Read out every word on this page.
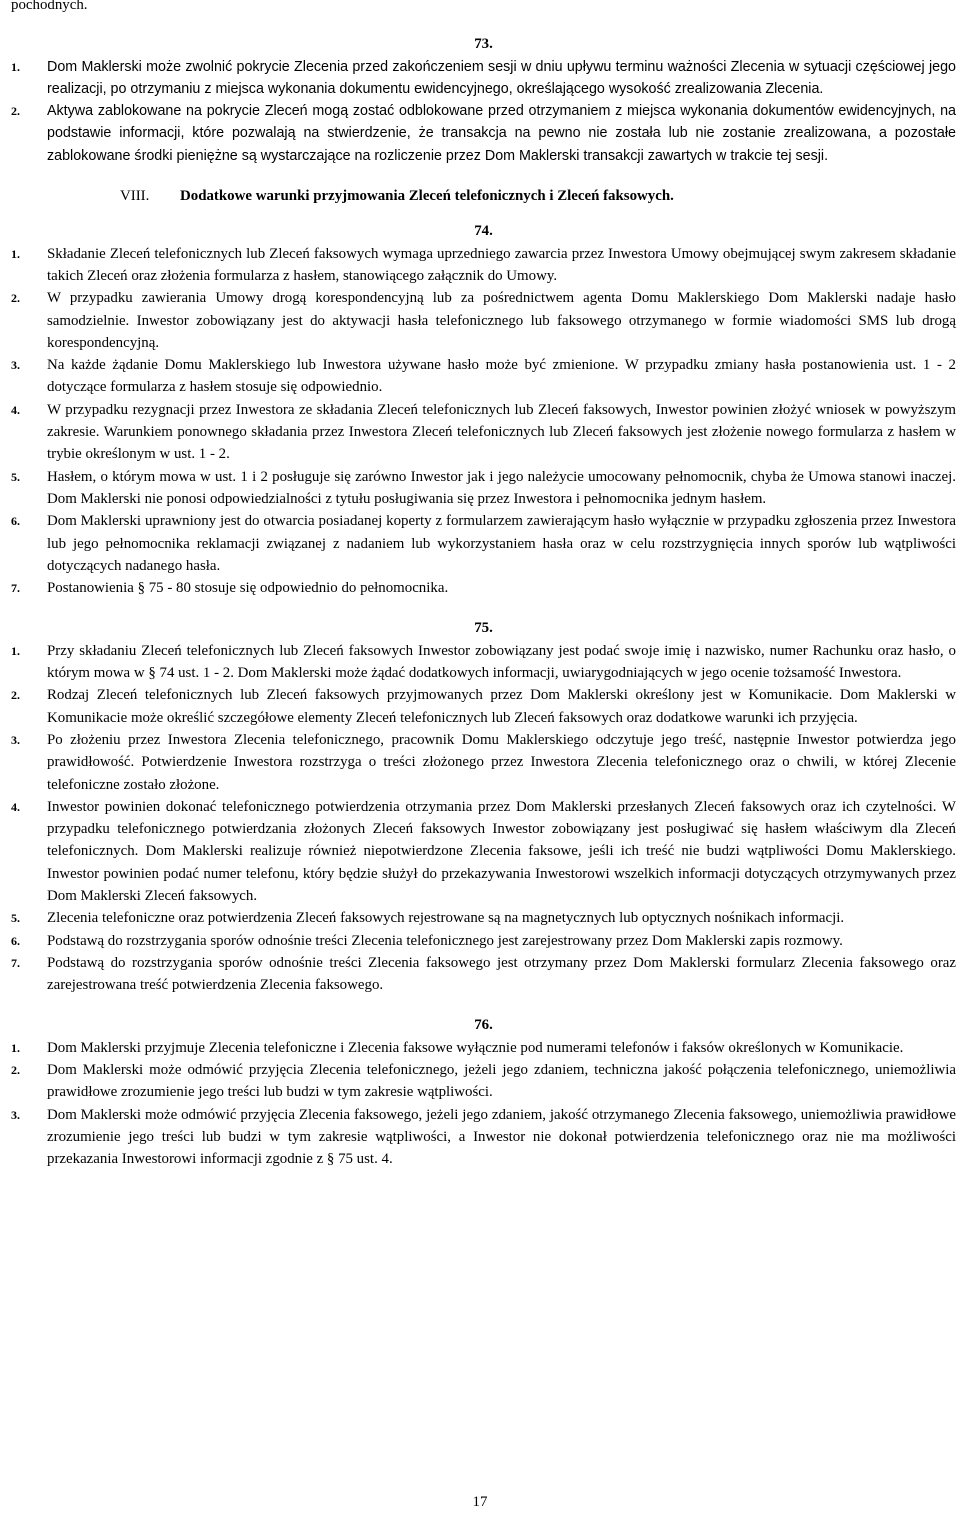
pochodnych.

73.

1.	Dom Maklerski może zwolnić pokrycie Zlecenia przed zakończeniem sesji w dniu upływu terminu ważności Zlecenia w sytuacji częściowej jego realizacji, po otrzymaniu z miejsca wykonania dokumentu ewidencyjnego, określającego wysokość zrealizowania Zlecenia.
2.	Aktywa zablokowane na pokrycie Zleceń mogą zostać odblokowane przed otrzymaniem z miejsca wykonania dokumentów ewidencyjnych, na podstawie informacji, które pozwalają na stwierdzenie, że transakcja na pewno nie została lub nie zostanie zrealizowana, a pozostałe zablokowane środki pieniężne są wystarczające na rozliczenie przez Dom Maklerski transakcji zawartych w trakcie tej sesji.
VIII.	Dodatkowe warunki przyjmowania Zleceń telefonicznych i Zleceń faksowych.

74.

1.	Składanie Zleceń telefonicznych lub Zleceń faksowych wymaga uprzedniego zawarcia przez Inwestora Umowy obejmującej swym zakresem składanie takich Zleceń oraz złożenia formularza z hasłem, stanowiącego załącznik do Umowy.
2.	W przypadku zawierania Umowy drogą korespondencyjną lub za pośrednictwem agenta Domu Maklerskiego Dom Maklerski nadaje hasło samodzielnie. Inwestor zobowiązany jest do aktywacji hasła telefonicznego lub faksowego otrzymanego w formie wiadomości SMS lub drogą korespondencyjną.
3.	Na każde żądanie Domu Maklerskiego lub Inwestora używane hasło może być zmienione. W przypadku zmiany hasła postanowienia ust. 1 - 2 dotyczące formularza z hasłem stosuje się odpowiednio.
4.	W przypadku rezygnacji przez Inwestora ze składania Zleceń telefonicznych lub Zleceń faksowych, Inwestor powinien złożyć wniosek w powyższym zakresie. Warunkiem ponownego składania przez Inwestora Zleceń telefonicznych lub Zleceń faksowych jest złożenie nowego formularza z hasłem w trybie określonym w ust. 1 - 2.
5.	Hasłem, o którym mowa w ust. 1 i 2 posługuje się zarówno Inwestor jak i jego należycie umocowany pełnomocnik, chyba że Umowa stanowi inaczej. Dom Maklerski nie ponosi odpowiedzialności z tytułu posługiwania się przez Inwestora i pełnomocnika jednym hasłem.
6.	Dom Maklerski uprawniony jest do otwarcia posiadanej koperty z formularzem zawierającym hasło wyłącznie w przypadku zgłoszenia przez Inwestora lub jego pełnomocnika reklamacji związanej z nadaniem lub wykorzystaniem hasła oraz w celu rozstrzygnięcia innych sporów lub wątpliwości dotyczących nadanego hasła.
7.	Postanowienia § 75 - 80 stosuje się odpowiednio do pełnomocnika.

75.

1.	Przy składaniu Zleceń telefonicznych lub Zleceń faksowych Inwestor zobowiązany jest podać swoje imię i nazwisko, numer Rachunku oraz hasło, o którym mowa w § 74 ust. 1 - 2. Dom Maklerski może żądać dodatkowych informacji, uwiarygodniających w jego ocenie tożsamość Inwestora.
2.	Rodzaj Zleceń telefonicznych lub Zleceń faksowych przyjmowanych przez Dom Maklerski określony jest w Komunikacie. Dom Maklerski w Komunikacie może określić szczegółowe elementy Zleceń telefonicznych lub Zleceń faksowych oraz dodatkowe warunki ich przyjęcia.
3.	Po złożeniu przez Inwestora Zlecenia telefonicznego, pracownik Domu Maklerskiego odczytuje jego treść, następnie Inwestor potwierdza jego prawidłowość. Potwierdzenie Inwestora rozstrzyga o treści złożonego przez Inwestora Zlecenia telefonicznego oraz o chwili, w której Zlecenie telefoniczne zostało złożone.
4.	Inwestor powinien dokonać telefonicznego potwierdzenia otrzymania przez Dom Maklerski przesłanych Zleceń faksowych oraz ich czytelności. W przypadku telefonicznego potwierdzania złożonych Zleceń faksowych Inwestor zobowiązany jest posługiwać się hasłem właściwym dla Zleceń telefonicznych. Dom Maklerski realizuje również niepotwierdzone Zlecenia faksowe, jeśli ich treść nie budzi wątpliwości Domu Maklerskiego. Inwestor powinien podać numer telefonu, który będzie służył do przekazywania Inwestorowi wszelkich informacji dotyczących otrzymywanych przez Dom Maklerski Zleceń faksowych.
5.	Zlecenia telefoniczne oraz potwierdzenia Zleceń faksowych rejestrowane są na magnetycznych lub optycznych nośnikach informacji.
6.	Podstawą do rozstrzygania sporów odnośnie treści Zlecenia telefonicznego jest zarejestrowany przez Dom Maklerski zapis rozmowy.
7.	Podstawą do rozstrzygania sporów odnośnie treści Zlecenia faksowego jest otrzymany przez Dom Maklerski formularz Zlecenia faksowego oraz zarejestrowana treść potwierdzenia Zlecenia faksowego.

76.

1.	Dom Maklerski przyjmuje Zlecenia telefoniczne i Zlecenia faksowe wyłącznie pod numerami telefonów i faksów określonych w Komunikacie.
2.	Dom Maklerski może odmówić przyjęcia Zlecenia telefonicznego, jeżeli jego zdaniem, techniczna jakość połączenia telefonicznego, uniemożliwia prawidłowe zrozumienie jego treści lub budzi w tym zakresie wątpliwości.
3.	Dom Maklerski może odmówić przyjęcia Zlecenia faksowego, jeżeli jego zdaniem, jakość otrzymanego Zlecenia faksowego, uniemożliwia prawidłowe zrozumienie jego treści lub budzi w tym zakresie wątpliwości, a Inwestor nie dokonał potwierdzenia telefonicznego oraz nie ma możliwości przekazania Inwestorowi informacji zgodnie z § 75 ust. 4.
17
